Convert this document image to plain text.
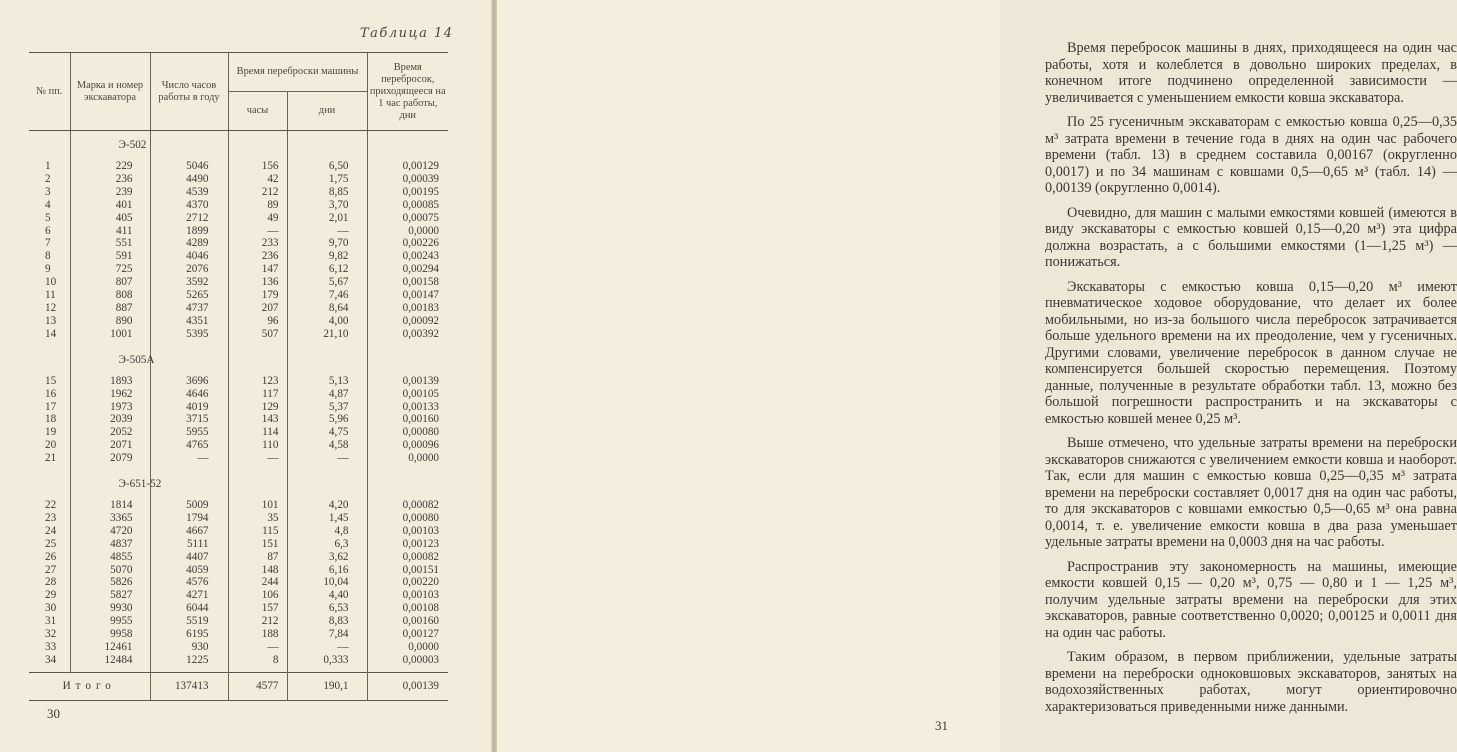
Таблица 14
№ пп.	Марка и номер экскаватора	Число часов работы в году	Время переброски машины		Время перебросок, приходящееся на 1 час работы, дни
			часы	дни	
	Э-502				
1	229	5046	156	6,50	0,00129
2	236	4490	42	1,75	0,00039
3	239	4539	212	8,85	0,00195
4	401	4370	89	3,70	0,00085
5	405	2712	49	2,01	0,00075
6	411	1899	—	—	0,0000
7	551	4289	233	9,70	0,00226
8	591	4046	236	9,82	0,00243
9	725	2076	147	6,12	0,00294
10	807	3592	136	5,67	0,00158
11	808	5265	179	7,46	0,00147
12	887	4737	207	8,64	0,00183
13	890	4351	96	4,00	0,00092
14	1001	5395	507	21,10	0,00392

	Э-505А				
15	1893	3696	123	5,13	0,00139
16	1962	4646	117	4,87	0,00105
17	1973	4019	129	5,37	0,00133
18	2039	3715	143	5,96	0,00160
19	2052	5955	114	4,75	0,00080
20	2071	4765	110	4,58	0,00096
21	2079	—	—	—	0,0000

	Э-651-52				
22	1814	5009	101	4,20	0,00082
23	3365	1794	35	1,45	0,00080
24	4720	4667	115	4,8	0,00103
25	4837	5111	151	6,3	0,00123
26	4855	4407	87	3,62	0,00082
27	5070	4059	148	6,16	0,00151
28	5826	4576	244	10,04	0,00220
29	5827	4271	106	4,40	0,00103
30	9930	6044	157	6,53	0,00108
31	9955	5519	212	8,83	0,00160
32	9958	6195	188	7,84	0,00127
33	12461	930	—	—	0,0000
34	12484	1225	8	0,333	0,00003

Итого		137413	4577	190,1	0,00139
30

Время перебросок машины в днях, приходящееся на один час работы, хотя и колеблется в довольно широких пределах, в конечном итоге подчинено определенной зависимости — увеличивается с уменьшением емкости ковша экскаватора.

По 25 гусеничным экскаваторам с емкостью ковша 0,25—0,35 м³ затрата времени в течение года в днях на один час рабочего времени (табл. 13) в среднем составила 0,00167 (округленно 0,0017) и по 34 машинам с ковшами 0,5—0,65 м³ (табл. 14) — 0,00139 (округленно 0,0014).

Очевидно, для машин с малыми емкостями ковшей (имеются в виду экскаваторы с емкостью ковшей 0,15—0,20 м³) эта цифра должна возрастать, а с большими емкостями (1—1,25 м³) — понижаться.

Экскаваторы с емкостью ковша 0,15—0,20 м³ имеют пневматическое ходовое оборудование, что делает их более мобильными, но из-за большого числа перебросок затрачивается больше удельного времени на их преодоление, чем у гусеничных. Другими словами, увеличение перебросок в данном случае не компенсируется большей скоростью перемещения. Поэтому данные, полученные в результате обработки табл. 13, можно без большой погрешности распространить и на экскаваторы с емкостью ковшей менее 0,25 м³.

Выше отмечено, что удельные затраты времени на переброски экскаваторов снижаются с увеличением емкости ковша и наоборот. Так, если для машин с емкостью ковша 0,25—0,35 м³ затрата времени на переброски составляет 0,0017 дня на один час работы, то для экскаваторов с ковшами емкостью 0,5—0,65 м³ она равна 0,0014, т. е. увеличение емкости ковша в два раза уменьшает удельные затраты времени на 0,0003 дня на час работы.

Распространив эту закономерность на машины, имеющие емкости ковшей 0,15 — 0,20 м³, 0,75 — 0,80 и 1 — 1,25 м³, получим удельные затраты времени на переброски для этих экскаваторов, равные соответственно 0,0020; 0,00125 и 0,0011 дня на один час работы.

Таким образом, в первом приближении, удельные затраты времени на переброски одноковшовых экскаваторов, занятых на водохозяйственных работах, могут ориентировочно характеризоваться приведенными ниже данными.

31
